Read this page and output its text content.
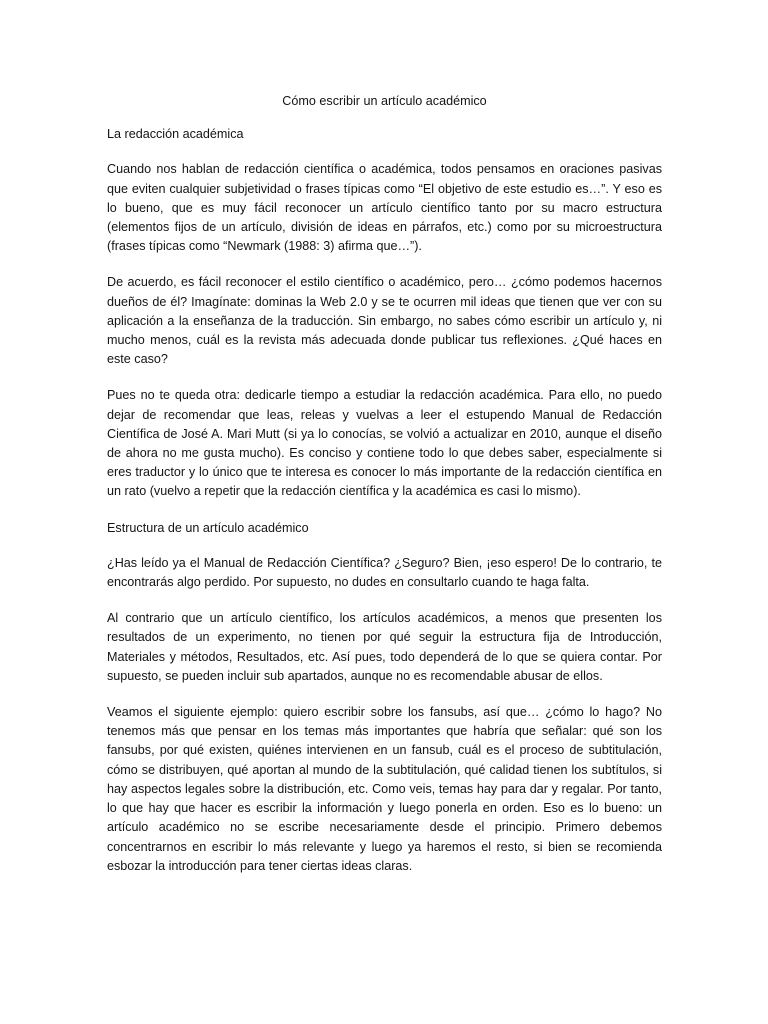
Cómo escribir un artículo académico
La redacción académica

Cuando nos hablan de redacción científica o académica, todos pensamos en oraciones pasivas que eviten cualquier subjetividad o frases típicas como “El objetivo de este estudio es…”. Y eso es lo bueno, que es muy fácil reconocer un artículo científico tanto por su macro estructura (elementos fijos de un artículo, división de ideas en párrafos, etc.) como por su microestructura (frases típicas como “Newmark (1988: 3) afirma que…”).

De acuerdo, es fácil reconocer el estilo científico o académico, pero… ¿cómo podemos hacernos dueños de él? Imagínate: dominas la Web 2.0 y se te ocurren mil ideas que tienen que ver con su aplicación a la enseñanza de la traducción. Sin embargo, no sabes cómo escribir un artículo y, ni mucho menos, cuál es la revista más adecuada donde publicar tus reflexiones. ¿Qué haces en este caso?

Pues no te queda otra: dedicarle tiempo a estudiar la redacción académica. Para ello, no puedo dejar de recomendar que leas, releas y vuelvas a leer el estupendo Manual de Redacción Científica de José A. Mari Mutt (si ya lo conocías, se volvió a actualizar en 2010, aunque el diseño de ahora no me gusta mucho). Es conciso y contiene todo lo que debes saber, especialmente si eres traductor y lo único que te interesa es conocer lo más importante de la redacción científica en un rato (vuelvo a repetir que la redacción científica y la académica es casi lo mismo).

Estructura de un artículo académico

¿Has leído ya el Manual de Redacción Científica? ¿Seguro? Bien, ¡eso espero! De lo contrario, te encontrarás algo perdido. Por supuesto, no dudes en consultarlo cuando te haga falta.

Al contrario que un artículo científico, los artículos académicos, a menos que presenten los resultados de un experimento, no tienen por qué seguir la estructura fija de Introducción, Materiales y métodos, Resultados, etc. Así pues, todo dependerá de lo que se quiera contar. Por supuesto, se pueden incluir sub apartados, aunque no es recomendable abusar de ellos.

Veamos el siguiente ejemplo: quiero escribir sobre los fansubs, así que… ¿cómo lo hago? No tenemos más que pensar en los temas más importantes que habría que señalar: qué son los fansubs, por qué existen, quiénes intervienen en un fansub, cuál es el proceso de subtitulación, cómo se distribuyen, qué aportan al mundo de la subtitulación, qué calidad tienen los subtítulos, si hay aspectos legales sobre la distribución, etc. Como veis, temas hay para dar y regalar. Por tanto, lo que hay que hacer es escribir la información y luego ponerla en orden. Eso es lo bueno: un artículo académico no se escribe necesariamente desde el principio. Primero debemos concentrarnos en escribir lo más relevante y luego ya haremos el resto, si bien se recomienda esbozar la introducción para tener ciertas ideas claras.
